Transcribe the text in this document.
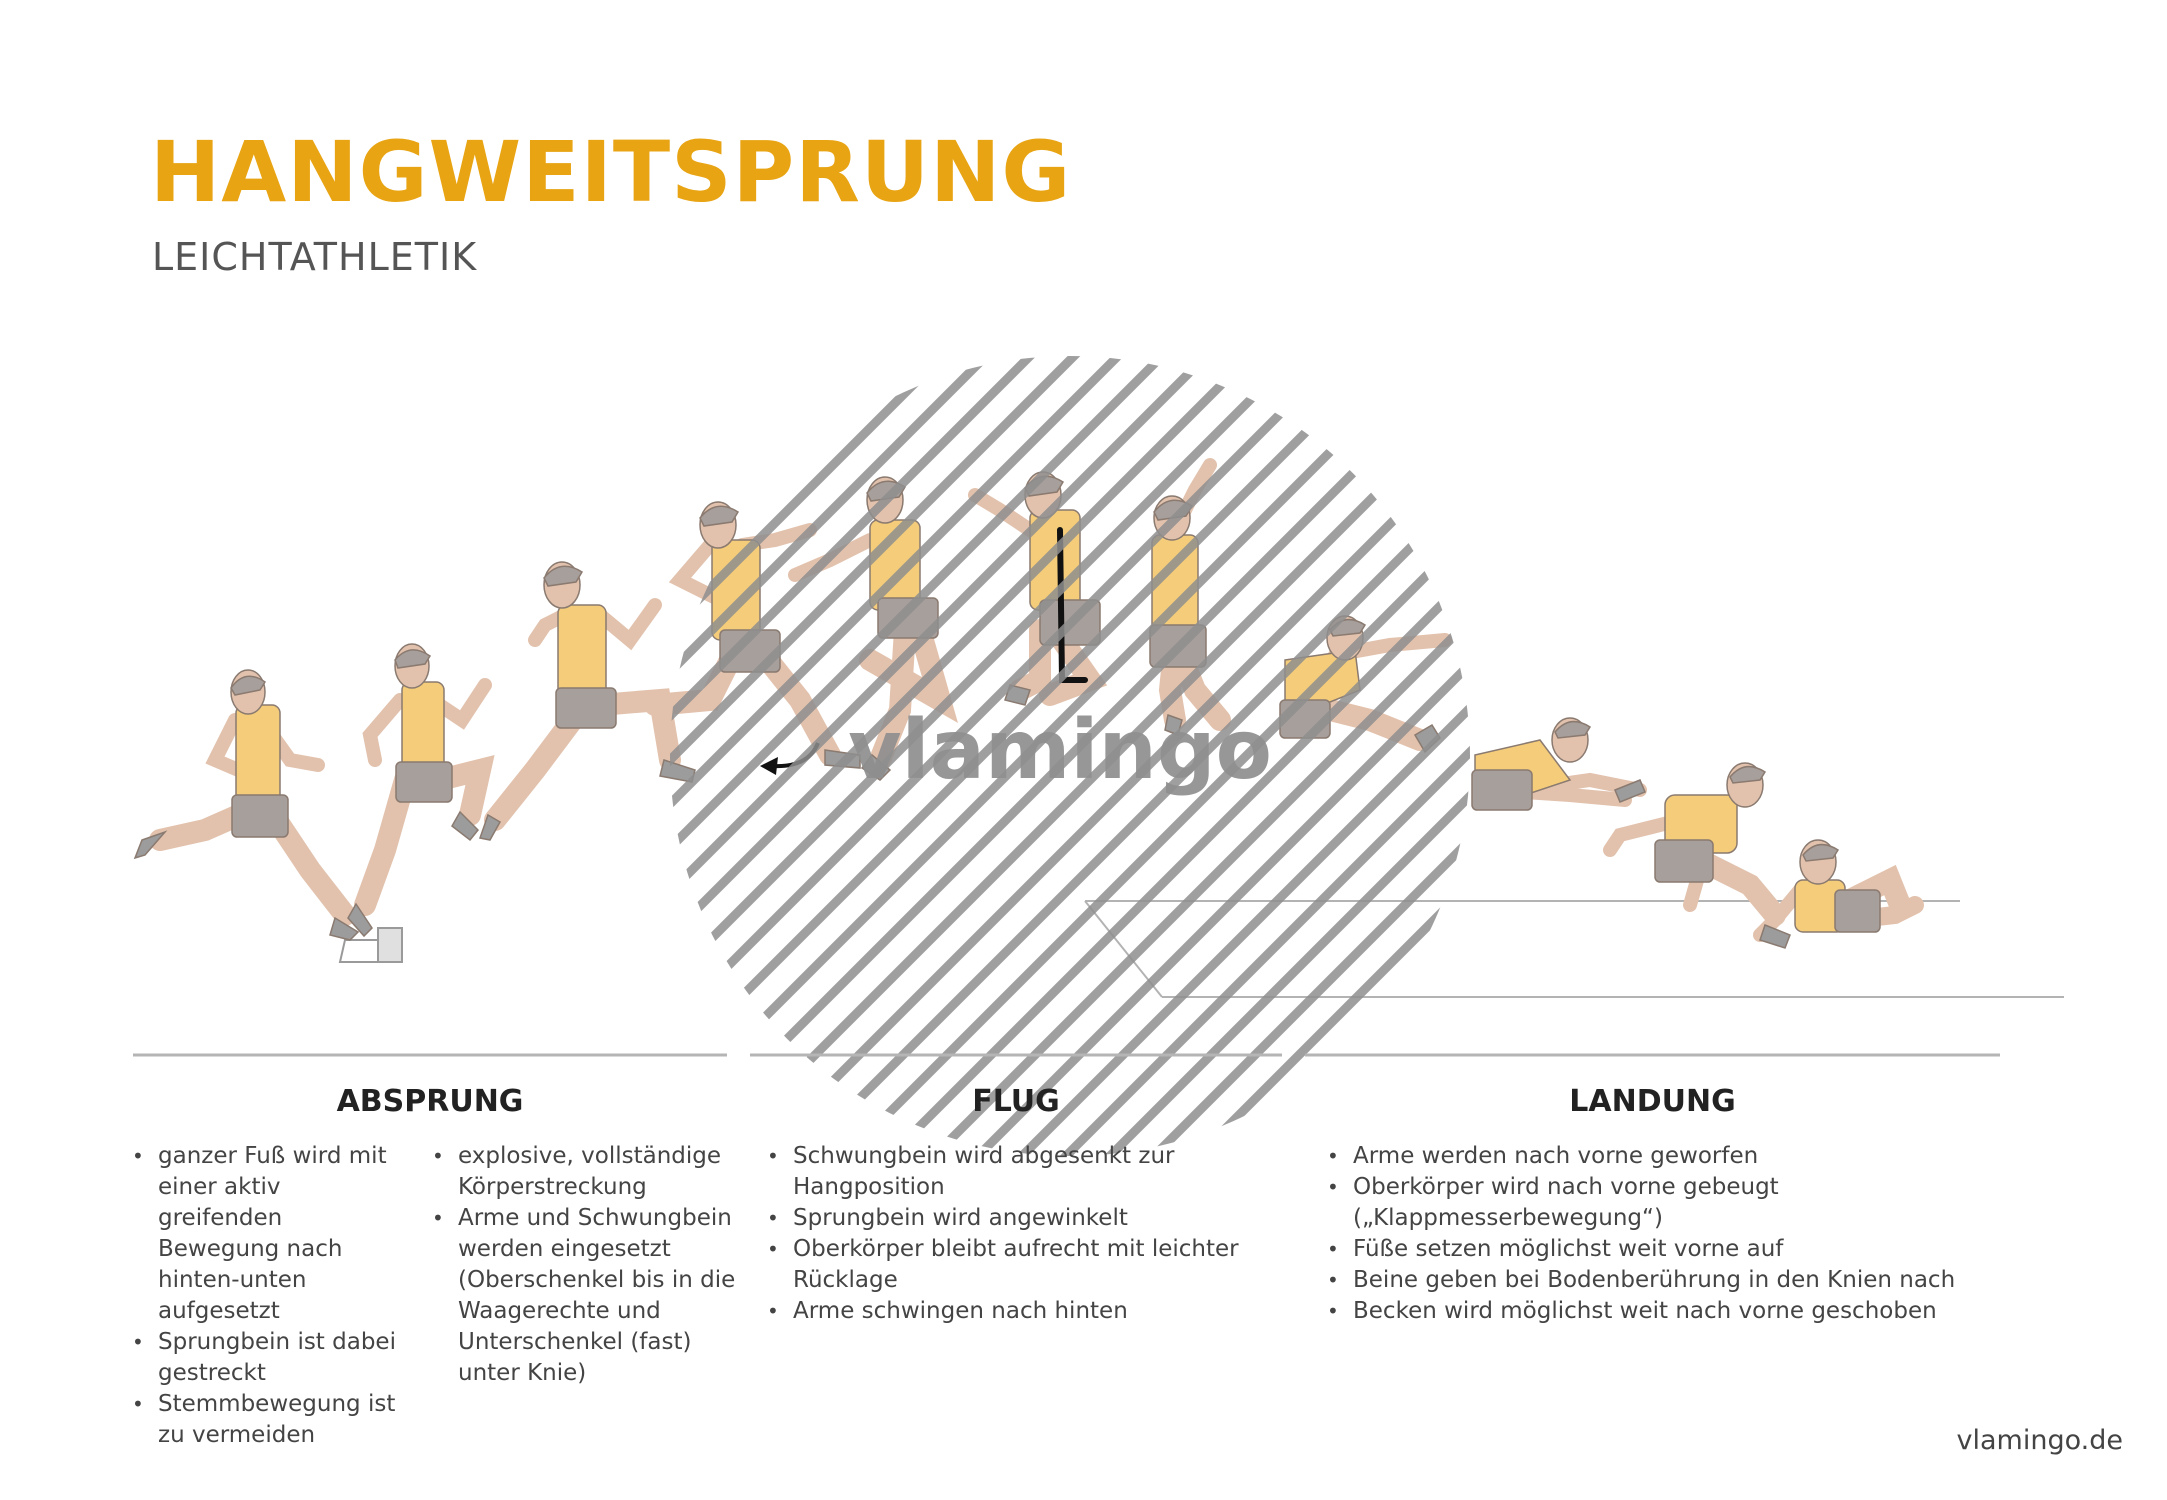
HANGWEITSPRUNG

LEICHTATHLETIK

vlamingo
ABSPRUNG
• ganzer Fuß wird mit einer aktiv greifenden Bewegung nach hinten-unten aufgesetzt
• Sprungbein ist dabei gestreckt
• Stemmbewegung ist zu vermeiden
• explosive, vollständige Körperstreckung
• Arme und Schwungbein werden eingesetzt (Oberschenkel bis in die Waagerechte und Unterschenkel (fast) unter Knie)
FLUG
• Schwungbein wird abgesenkt zur Hangposition
• Sprungbein wird angewinkelt
• Oberkörper bleibt aufrecht mit leichter Rücklage
• Arme schwingen nach hinten
LANDUNG
• Arme werden nach vorne geworfen
• Oberkörper wird nach vorne gebeugt („Klappmesserbewegung“)
• Füße setzen möglichst weit vorne auf
• Beine geben bei Bodenberührung in den Knien nach
• Becken wird möglichst weit nach vorne geschoben
vlamingo.de
